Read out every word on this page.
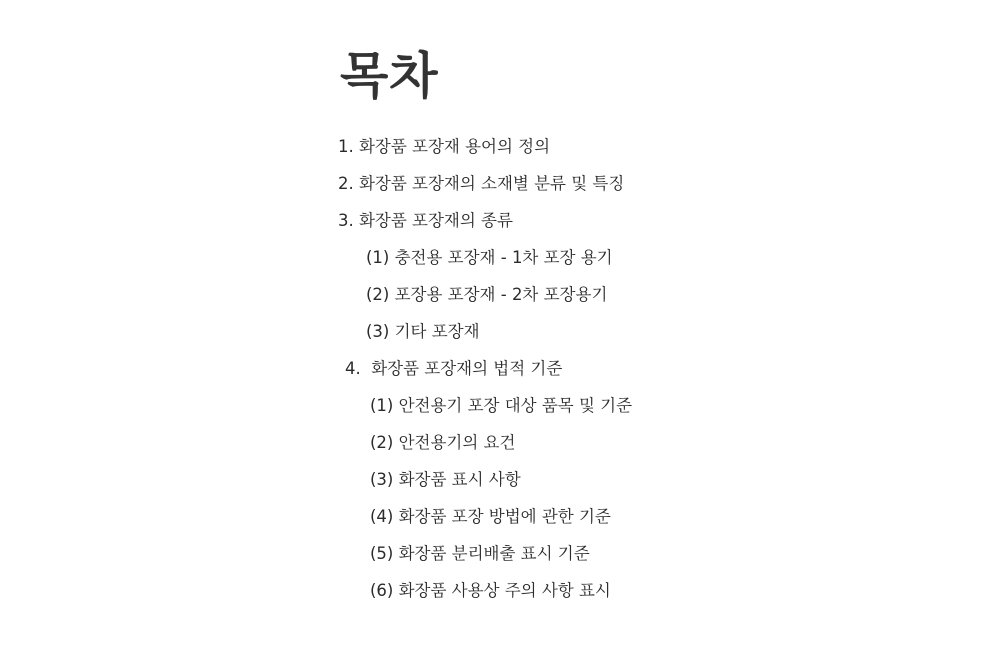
목차
1. 화장품 포장재 용어의 정의
2. 화장품 포장재의 소재별 분류 및 특징
3. 화장품 포장재의 종류
(1) 충전용 포장재 - 1차 포장 용기
(2) 포장용 포장재 - 2차 포장용기
(3) 기타 포장재
4.  화장품 포장재의 법적 기준
(1) 안전용기 포장 대상 품목 및 기준
(2) 안전용기의 요건
(3) 화장품 표시 사항
(4) 화장품 포장 방법에 관한 기준
(5) 화장품 분리배출 표시 기준
(6) 화장품 사용상 주의 사항 표시
